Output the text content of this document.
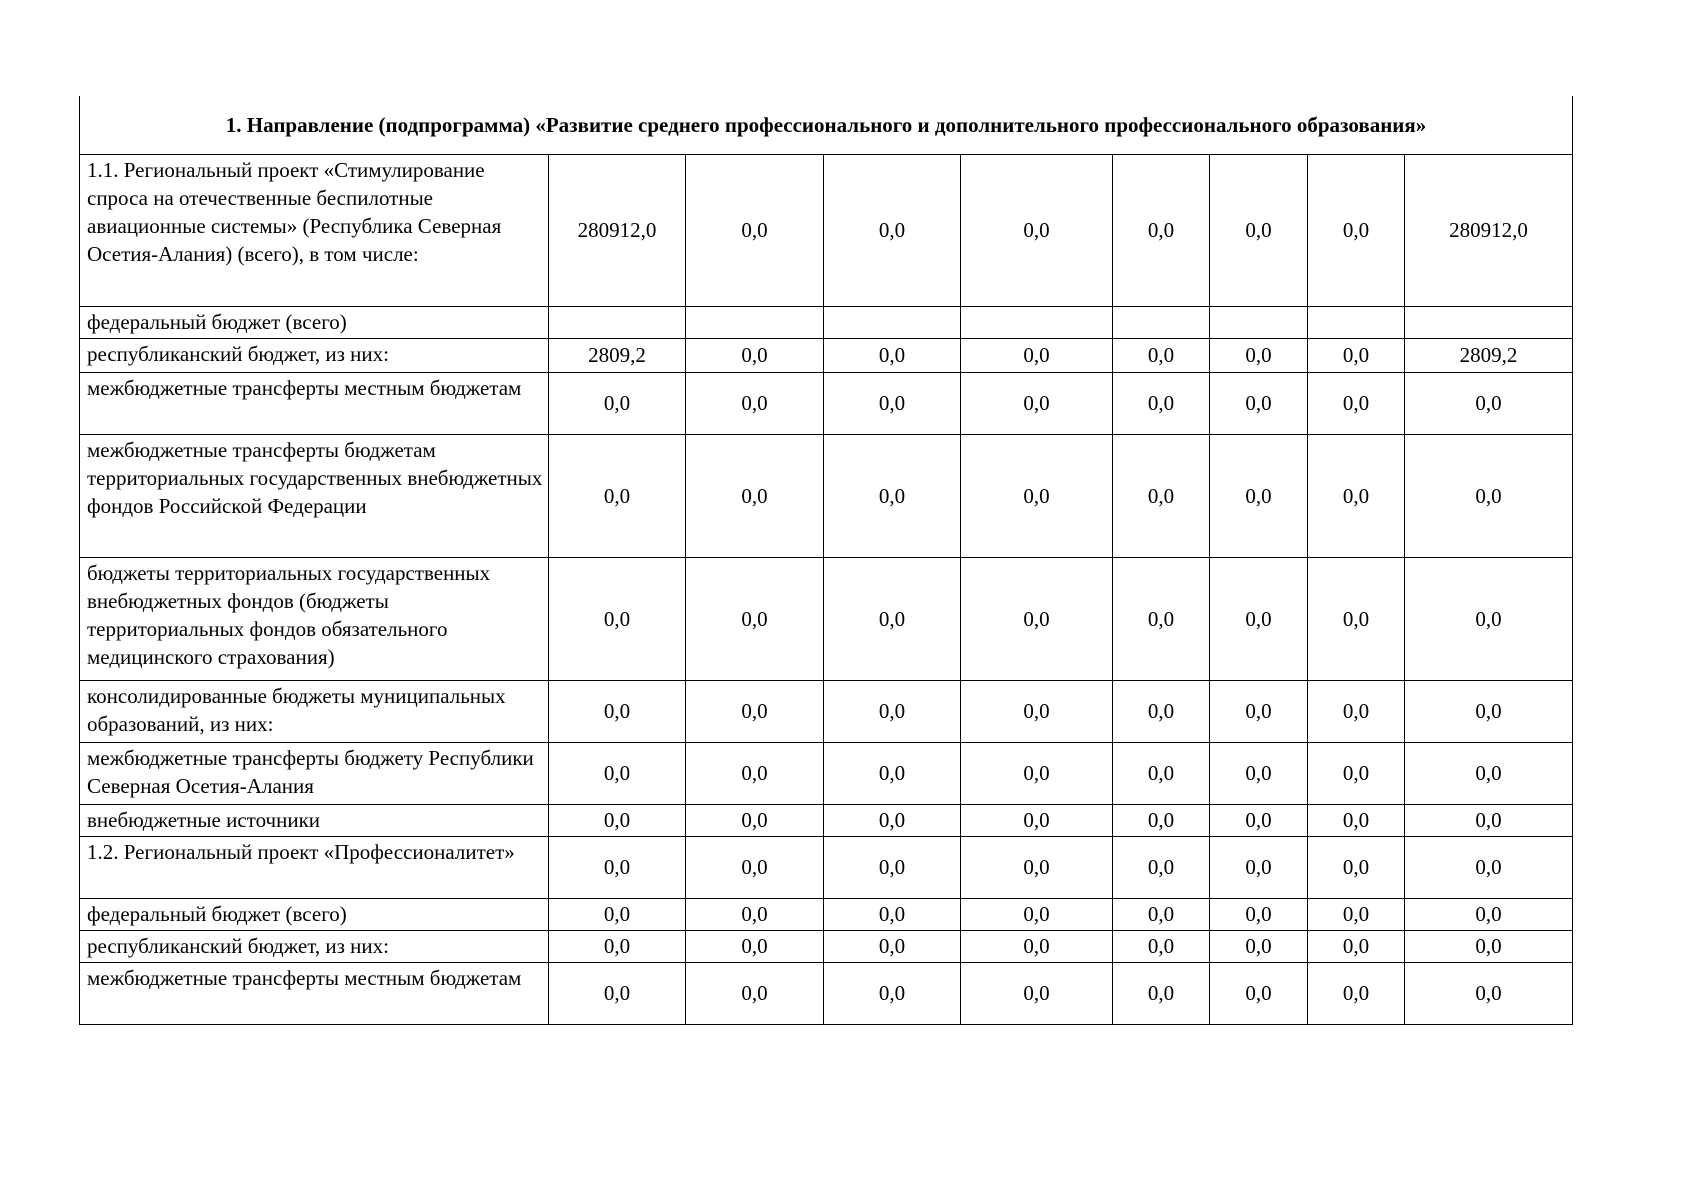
1. Направление (подпрограмма) «Развитие среднего профессионального и дополнительного профессионального образования»								
1.1. Региональный проект «Стимулирование спроса на отечественные беспилотные авиационные системы» (Республика Северная Осетия-Алания) (всего), в том числе:	280912,0	0,0	0,0	0,0	0,0	0,0	0,0	280912,0
федеральный бюджет (всего)								
республиканский бюджет, из них:	2809,2	0,0	0,0	0,0	0,0	0,0	0,0	2809,2
межбюджетные трансферты местным бюджетам	0,0	0,0	0,0	0,0	0,0	0,0	0,0	0,0
межбюджетные трансферты бюджетам территориальных государственных внебюджетных фондов Российской Федерации	0,0	0,0	0,0	0,0	0,0	0,0	0,0	0,0
бюджеты территориальных государственных внебюджетных фондов (бюджеты территориальных фондов обязательного медицинского страхования)	0,0	0,0	0,0	0,0	0,0	0,0	0,0	0,0
консолидированные бюджеты муниципальных образований, из них:	0,0	0,0	0,0	0,0	0,0	0,0	0,0	0,0
межбюджетные трансферты бюджету Республики Северная Осетия-Алания	0,0	0,0	0,0	0,0	0,0	0,0	0,0	0,0
внебюджетные источники	0,0	0,0	0,0	0,0	0,0	0,0	0,0	0,0
1.2. Региональный проект «Профессионалитет»	0,0	0,0	0,0	0,0	0,0	0,0	0,0	0,0
федеральный бюджет (всего)	0,0	0,0	0,0	0,0	0,0	0,0	0,0	0,0
республиканский бюджет, из них:	0,0	0,0	0,0	0,0	0,0	0,0	0,0	0,0
межбюджетные трансферты местным бюджетам	0,0	0,0	0,0	0,0	0,0	0,0	0,0	0,0
